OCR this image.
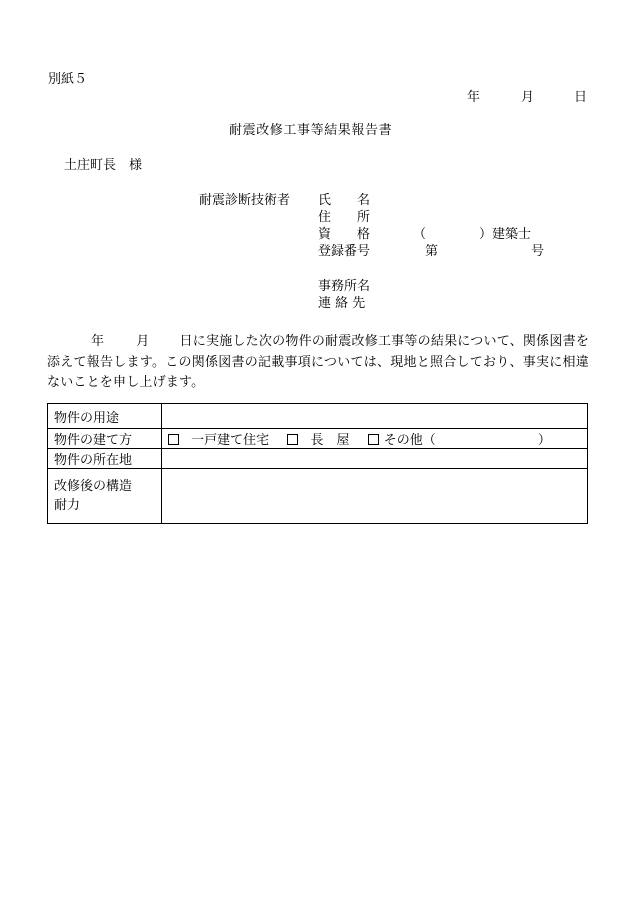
別紙５
年	月	日
耐震改修工事等結果報告書
土庄町長　様
耐震診断技術者 氏　　名
住　　所
資　　格	（	）建築士
登録番号	第	号
事務所名
連 絡 先
年 月 日に実施した次の物件の耐震改修工事等の結果について、関係図書を添えて報告します。この関係図書の記載事項については、現地と照合しており、事実に相違ないことを申し上げます。
物件の用途	
物件の建て方	一戸建て住宅 長　屋 その他（ ）
物件の所在地	

改修後の構造
耐力	
